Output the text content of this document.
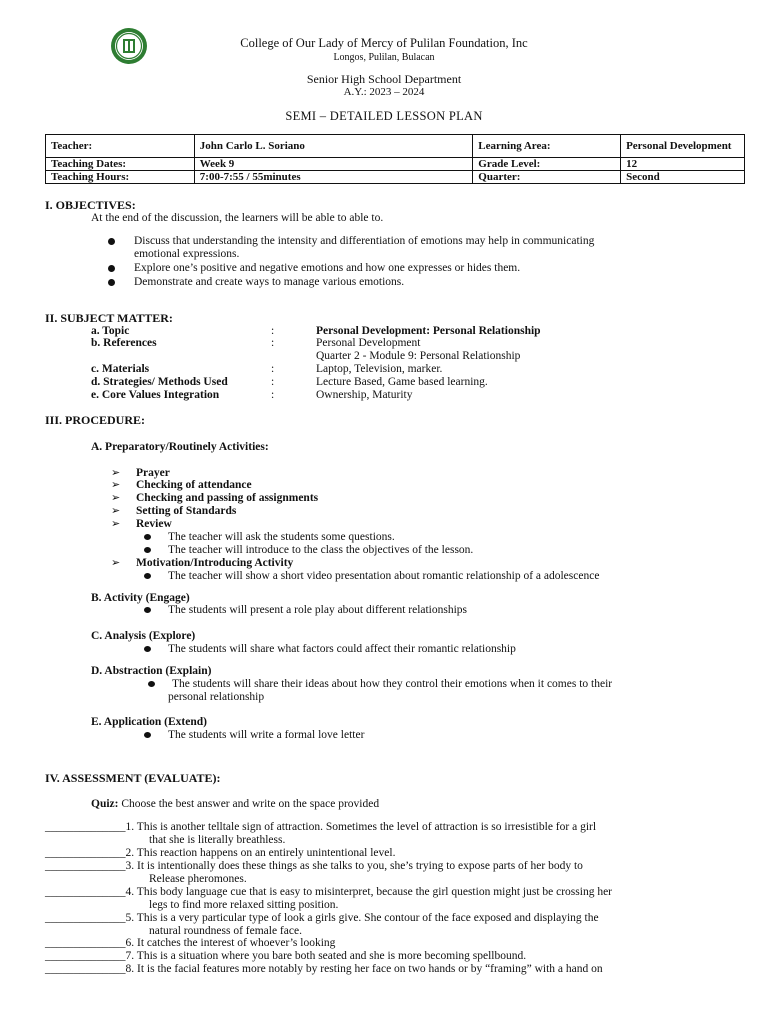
College of Our Lady of Mercy of Pulilan Foundation, Inc
Longos, Pulilan, Bulacan
Senior High School Department
A.Y.: 2023 – 2024
SEMI – DETAILED LESSON PLAN
Teacher:	John Carlo L. Soriano	Learning Area:	Personal Development
Teaching Dates:	Week 9	Grade Level:	12
Teaching Hours:	7:00-7:55 / 55minutes	Quarter:	Second
I. OBJECTIVES:
At the end of the discussion, the learners will be able to able to.
Discuss that understanding the intensity and differentiation of emotions may help in communicating
emotional expressions.
Explore one’s positive and negative emotions and how one expresses or hides them.
Demonstrate and create ways to manage various emotions.
II. SUBJECT MATTER:
a. Topic	:	Personal Development: Personal Relationship
b. References	:	Personal Development
Quarter 2 - Module 9: Personal Relationship
c. Materials	:	Laptop, Television, marker.
d. Strategies/ Methods Used	:	Lecture Based, Game based learning.
e. Core Values Integration	:	Ownership, Maturity
III. PROCEDURE:
A. Preparatory/Routinely Activities:
➢ Prayer
➢ Checking of attendance
➢ Checking and passing of assignments
➢ Setting of Standards
➢ Review
The teacher will ask the students some questions.
The teacher will introduce to the class the objectives of the lesson.
➢ Motivation/Introducing Activity
The teacher will show a short video presentation about romantic relationship of a adolescence
B. Activity (Engage)
The students will present a role play about different relationships
C. Analysis (Explore)
The students will share what factors could affect their romantic relationship
D. Abstraction (Explain)
The students will share their ideas about how they control their emotions when it comes to their
personal relationship
E. Application (Extend)
The students will write a formal love letter
IV. ASSESSMENT (EVALUATE):
Quiz: Choose the best answer and write on the space provided
______________1. This is another telltale sign of attraction. Sometimes the level of attraction is so irresistible for a girl
that she is literally breathless.
______________2. This reaction happens on an entirely unintentional level.
______________3. It is intentionally does these things as she talks to you, she’s trying to expose parts of her body to
Release pheromones.
______________4. This body language cue that is easy to misinterpret, because the girl question might just be crossing her
legs to find more relaxed sitting position.
______________5. This is a very particular type of look a girls give. She contour of the face exposed and displaying the
natural roundness of female face.
______________6. It catches the interest of whoever’s looking
______________7. This is a situation where you bare both seated and she is more becoming spellbound.
______________8. It is the facial features more notably by resting her face on two hands or by “framing” with a hand on
